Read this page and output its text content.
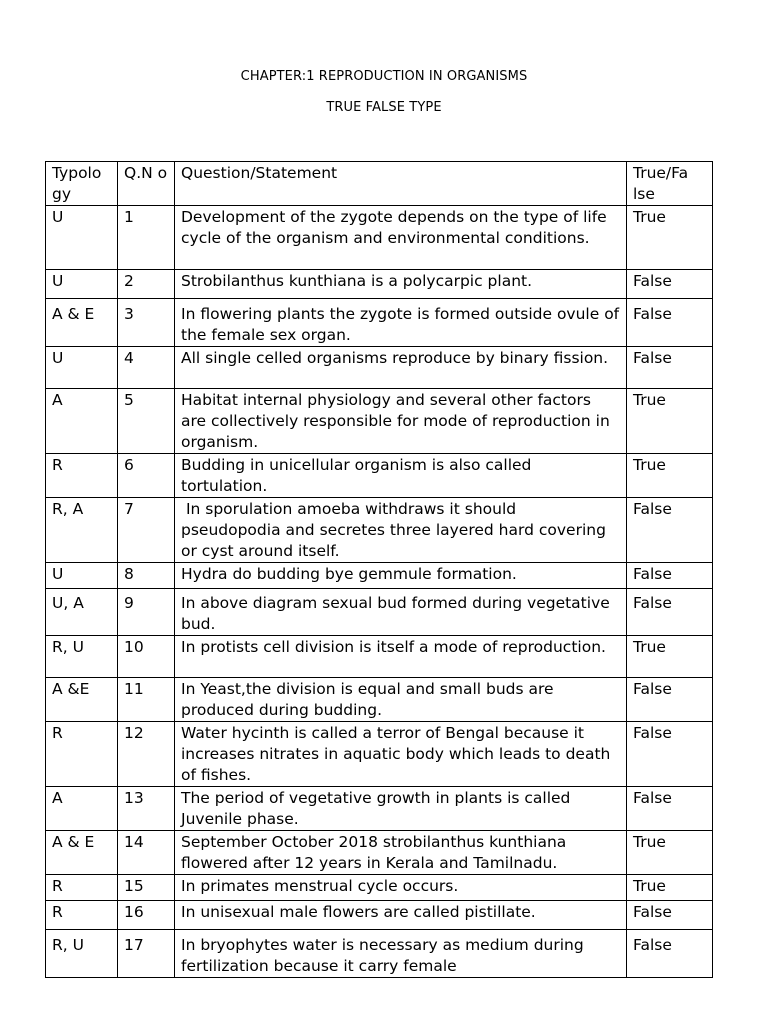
CHAPTER:1 REPRODUCTION IN ORGANISMS
TRUE FALSE TYPE
Typolo gy	Q.N o	Question/Statement	True/Fa lse
U	1	Development of the zygote depends on the type of life cycle of the organism and environmental conditions.	True
U	2	Strobilanthus kunthiana is a polycarpic plant.	False
A & E	3	In flowering plants the zygote is formed outside ovule of the female sex organ.	False
U	4	All single celled organisms reproduce by binary fission.	False
A	5	Habitat internal physiology and several other factors are collectively responsible for mode of reproduction in organism.	True
R	6	Budding in unicellular organism is also called tortulation.	True
R, A	7	In sporulation amoeba withdraws it should pseudopodia and secretes three layered hard covering or cyst around itself.	False
U	8	Hydra do budding bye gemmule formation.	False
U, A	9	In above diagram sexual bud formed during vegetative bud.	False
R, U	10	In protists cell division is itself a mode of reproduction.	True
A &E	11	In Yeast,the division is equal and small buds are produced during budding.	False
R	12	Water hycinth is called a terror of Bengal because it increases nitrates in aquatic body which leads to death of fishes.	False
A	13	The period of vegetative growth in plants is called Juvenile phase.	False
A & E	14	September October 2018 strobilanthus kunthiana flowered after 12 years in Kerala and Tamilnadu.	True
R	15	In primates menstrual cycle occurs.	True
R	16	In unisexual male flowers are called pistillate.	False
R, U	17	In bryophytes water is necessary as medium during fertilization because it carry female	False
